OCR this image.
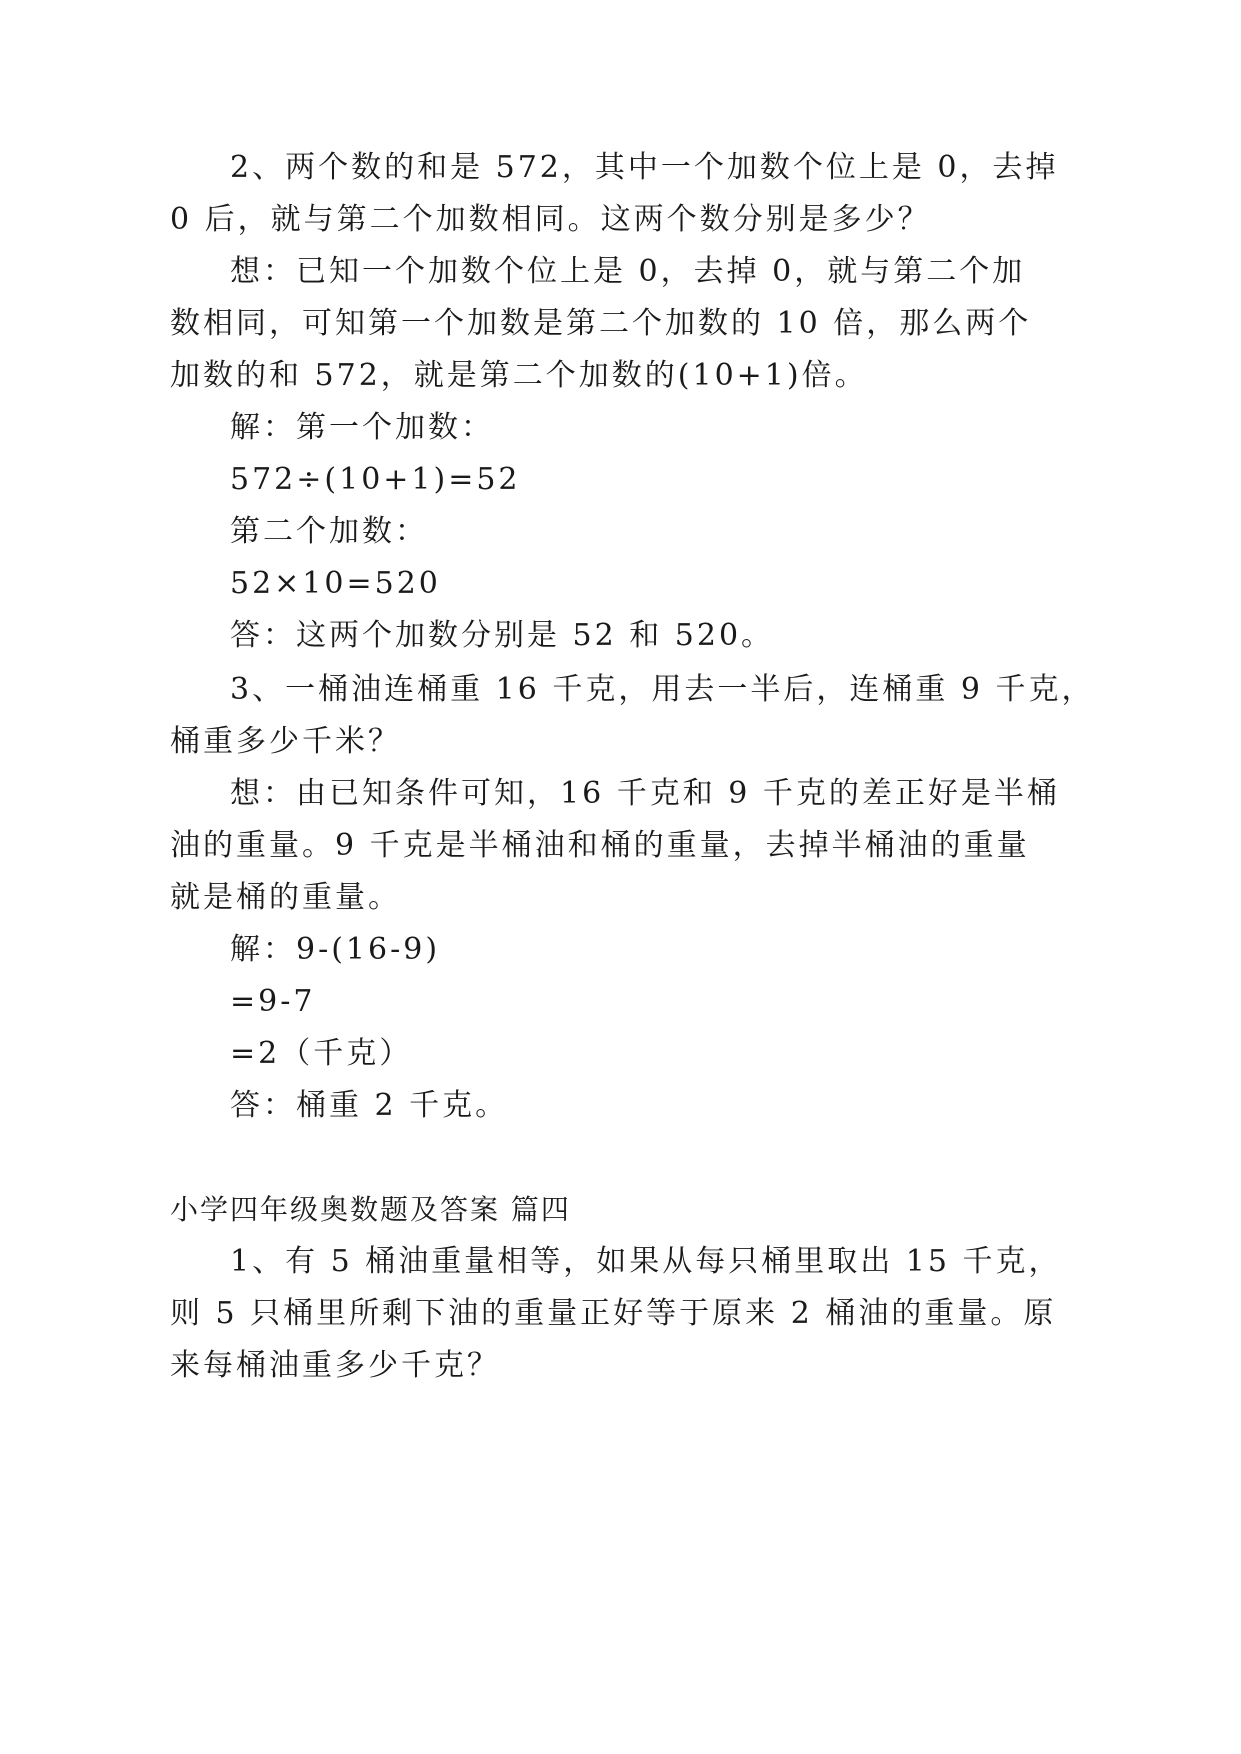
2、两个数的和是 572，其中一个加数个位上是 0，去掉
0 后，就与第二个加数相同。这两个数分别是多少？
想：已知一个加数个位上是 0，去掉 0，就与第二个加
数相同，可知第一个加数是第二个加数的 10 倍，那么两个
加数的和 572，就是第二个加数的(10+1)倍。
解：第一个加数：
572÷(10+1)=52
第二个加数：
52×10=520
答：这两个加数分别是 52 和 520。
3、一桶油连桶重 16 千克，用去一半后，连桶重 9 千克，
桶重多少千米？
想：由已知条件可知，16 千克和 9 千克的差正好是半桶
油的重量。9 千克是半桶油和桶的重量，去掉半桶油的重量
就是桶的重量。
解：9-(16-9)
=9-7
=2（千克）
答：桶重 2 千克。
小学四年级奥数题及答案 篇四
1、有 5 桶油重量相等，如果从每只桶里取出 15 千克，
则 5 只桶里所剩下油的重量正好等于原来 2 桶油的重量。原
来每桶油重多少千克？
